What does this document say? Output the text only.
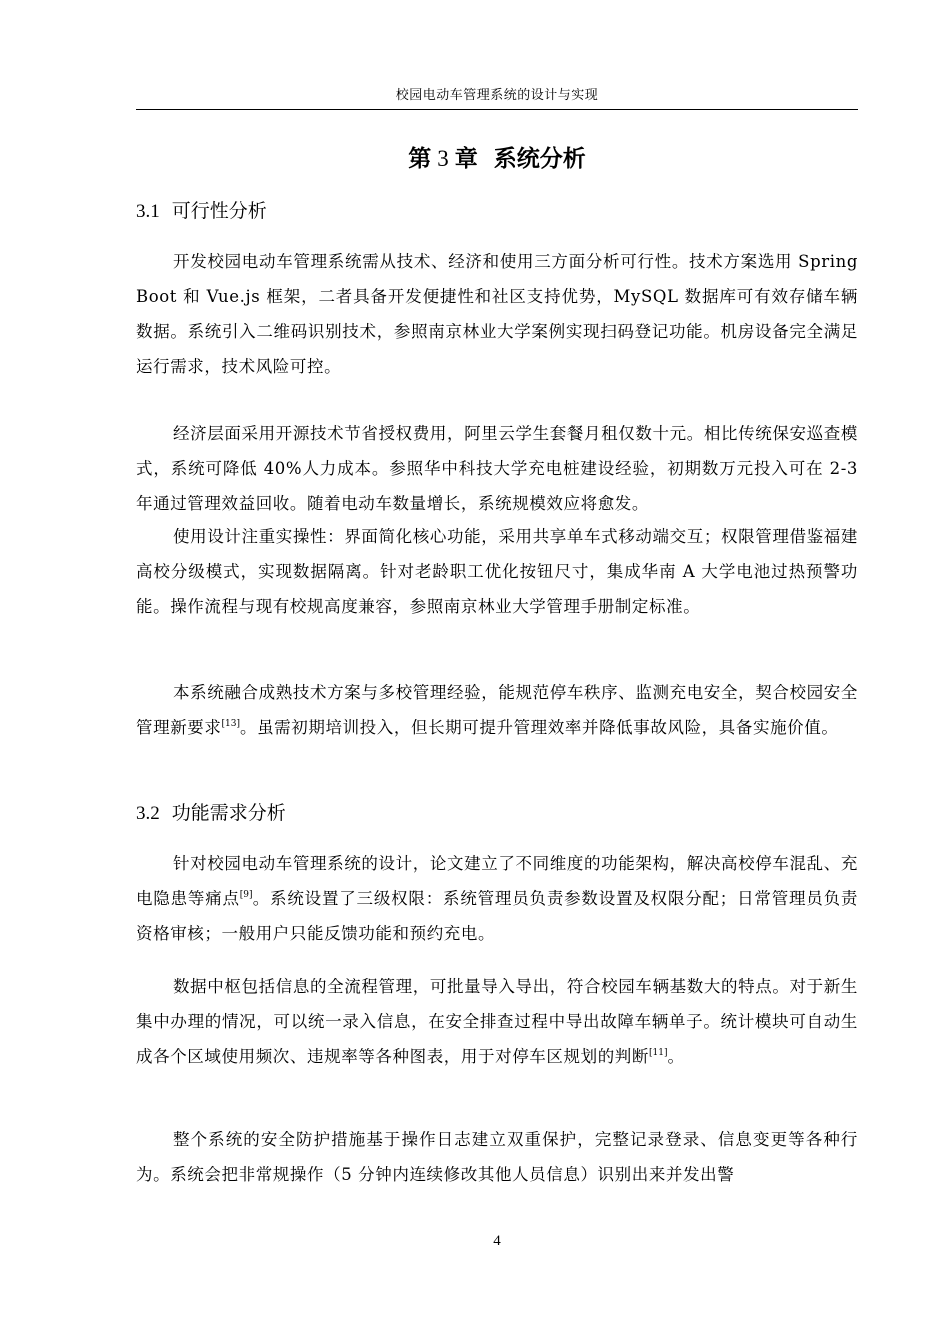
校园电动车管理系统的设计与实现
第 3 章 系统分析
3.1 可行性分析
开发校园电动车管理系统需从技术、经济和使用三方面分析可行性。技术方案选用 Spring Boot 和 Vue.js 框架，二者具备开发便捷性和社区支持优势，MySQL 数据库可有效存储车辆数据。系统引入二维码识别技术，参照南京林业大学案例实现扫码登记功能。机房设备完全满足运行需求，技术风险可控。
经济层面采用开源技术节省授权费用，阿里云学生套餐月租仅数十元。相比传统保安巡查模式，系统可降低 40%人力成本。参照华中科技大学充电桩建设经验，初期数万元投入可在 2-3 年通过管理效益回收。随着电动车数量增长，系统规模效应将愈发。
使用设计注重实操性：界面简化核心功能，采用共享单车式移动端交互；权限管理借鉴福建高校分级模式，实现数据隔离。针对老龄职工优化按钮尺寸，集成华南 A 大学电池过热预警功能。操作流程与现有校规高度兼容，参照南京林业大学管理手册制定标准。
本系统融合成熟技术方案与多校管理经验，能规范停车秩序、监测充电安全，契合校园安全管理新要求[13]。虽需初期培训投入，但长期可提升管理效率并降低事故风险，具备实施价值。
3.2 功能需求分析
针对校园电动车管理系统的设计，论文建立了不同维度的功能架构，解决高校停车混乱、充电隐患等痛点[9]。系统设置了三级权限：系统管理员负责参数设置及权限分配；日常管理员负责资格审核；一般用户只能反馈功能和预约充电。
数据中枢包括信息的全流程管理，可批量导入导出，符合校园车辆基数大的特点。对于新生集中办理的情况，可以统一录入信息，在安全排查过程中导出故障车辆单子。统计模块可自动生成各个区域使用频次、违规率等各种图表，用于对停车区规划的判断[11]。
整个系统的安全防护措施基于操作日志建立双重保护，完整记录登录、信息变更等各种行为。系统会把非常规操作（5 分钟内连续修改其他人员信息）识别出来并发出警
4
